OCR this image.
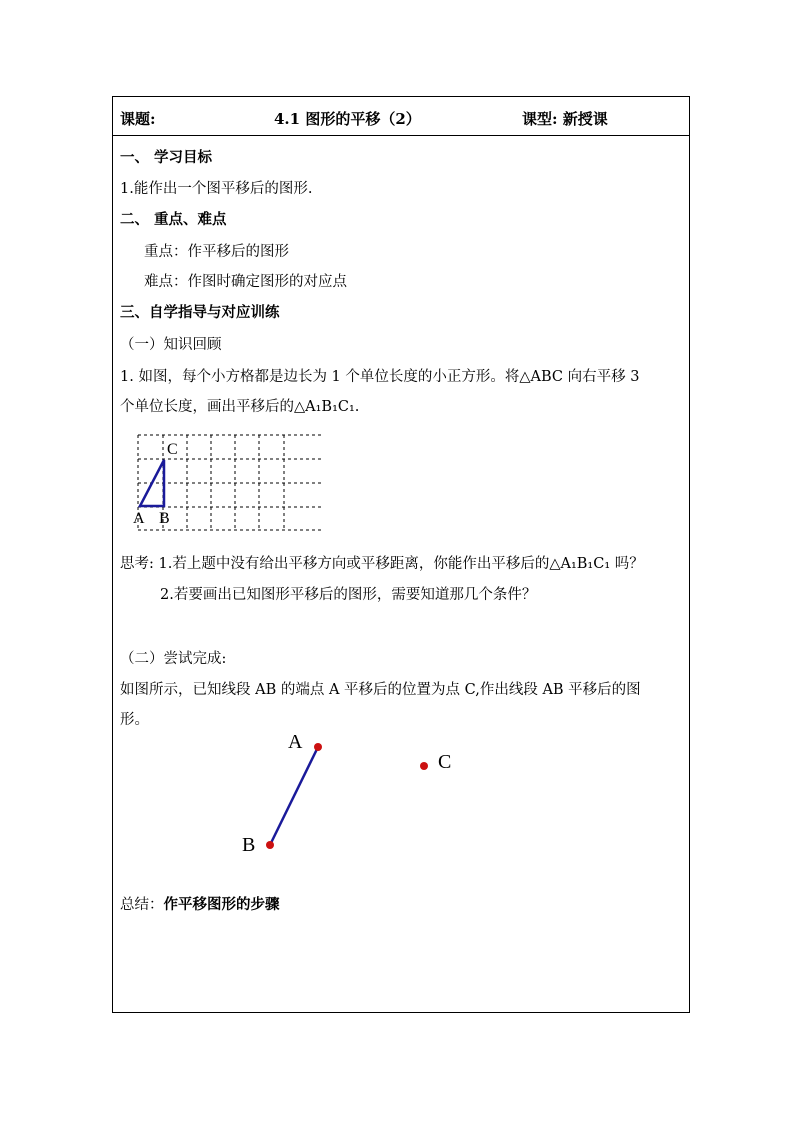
课题:	4.1 图形的平移（2）	课型: 新授课
一、 学习目标
1.能作出一个图平移后的图形.
二、 重点、难点
重点：作平移后的图形
难点：作图时确定图形的对应点
三、自学指导与对应训练
（一）知识回顾
1. 如图，每个小方格都是边长为 1 个单位长度的小正方形。将△ABC 向右平移 3
个单位长度，画出平移后的△A₁B₁C₁.
C
A B
思考: 1.若上题中没有给出平移方向或平移距离，你能作出平移后的△A₁B₁C₁ 吗？
2.若要画出已知图形平移后的图形，需要知道那几个条件？
（二）尝试完成:
如图所示，已知线段 AB 的端点 A 平移后的位置为点 C,作出线段 AB 平移后的图
形。
A
B
C
总结：作平移图形的步骤
